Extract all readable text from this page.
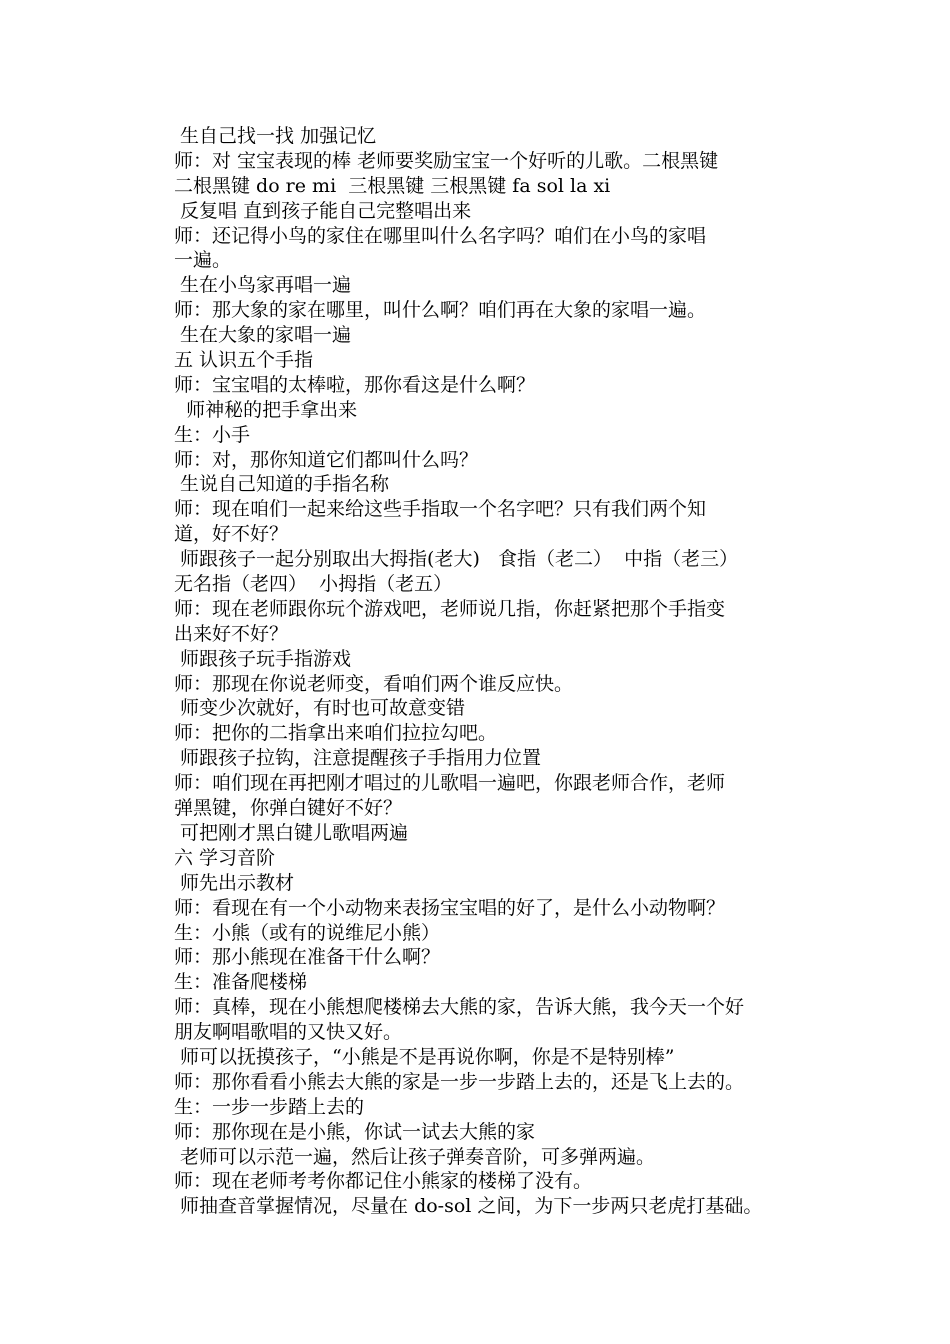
生自己找一找 加强记忆
师：对 宝宝表现的棒 老师要奖励宝宝一个好听的儿歌。二根黑键
二根黑键 do re mi  三根黑键 三根黑键 fa sol la xi
反复唱 直到孩子能自己完整唱出来
师：还记得小鸟的家住在哪里叫什么名字吗？咱们在小鸟的家唱
一遍。
生在小鸟家再唱一遍
师：那大象的家在哪里，叫什么啊？咱们再在大象的家唱一遍。
生在大象的家唱一遍
五 认识五个手指
师：宝宝唱的太棒啦，那你看这是什么啊？
师神秘的把手拿出来
生：小手
师：对，那你知道它们都叫什么吗？
生说自己知道的手指名称
师：现在咱们一起来给这些手指取一个名字吧？只有我们两个知
道，好不好？
师跟孩子一起分别取出大拇指(老大)   食指（老二）  中指（老三）
无名指（老四）  小拇指（老五）
师：现在老师跟你玩个游戏吧，老师说几指，你赶紧把那个手指变
出来好不好？
师跟孩子玩手指游戏
师：那现在你说老师变，看咱们两个谁反应快。
师变少次就好，有时也可故意变错
师：把你的二指拿出来咱们拉拉勾吧。
师跟孩子拉钩，注意提醒孩子手指用力位置
师：咱们现在再把刚才唱过的儿歌唱一遍吧，你跟老师合作，老师
弹黑键，你弹白键好不好？
可把刚才黑白键儿歌唱两遍
六 学习音阶
师先出示教材
师：看现在有一个小动物来表扬宝宝唱的好了，是什么小动物啊？
生：小熊（或有的说维尼小熊）
师：那小熊现在准备干什么啊？
生：准备爬楼梯
师：真棒，现在小熊想爬楼梯去大熊的家，告诉大熊，我今天一个好
朋友啊唱歌唱的又快又好。
师可以抚摸孩子，“小熊是不是再说你啊，你是不是特别棒”
师：那你看看小熊去大熊的家是一步一步踏上去的，还是飞上去的。
生：一步一步踏上去的
师：那你现在是小熊，你试一试去大熊的家
老师可以示范一遍，然后让孩子弹奏音阶，可多弹两遍。
师：现在老师考考你都记住小熊家的楼梯了没有。
师抽查音掌握情况，尽量在 do-sol 之间，为下一步两只老虎打基础。
